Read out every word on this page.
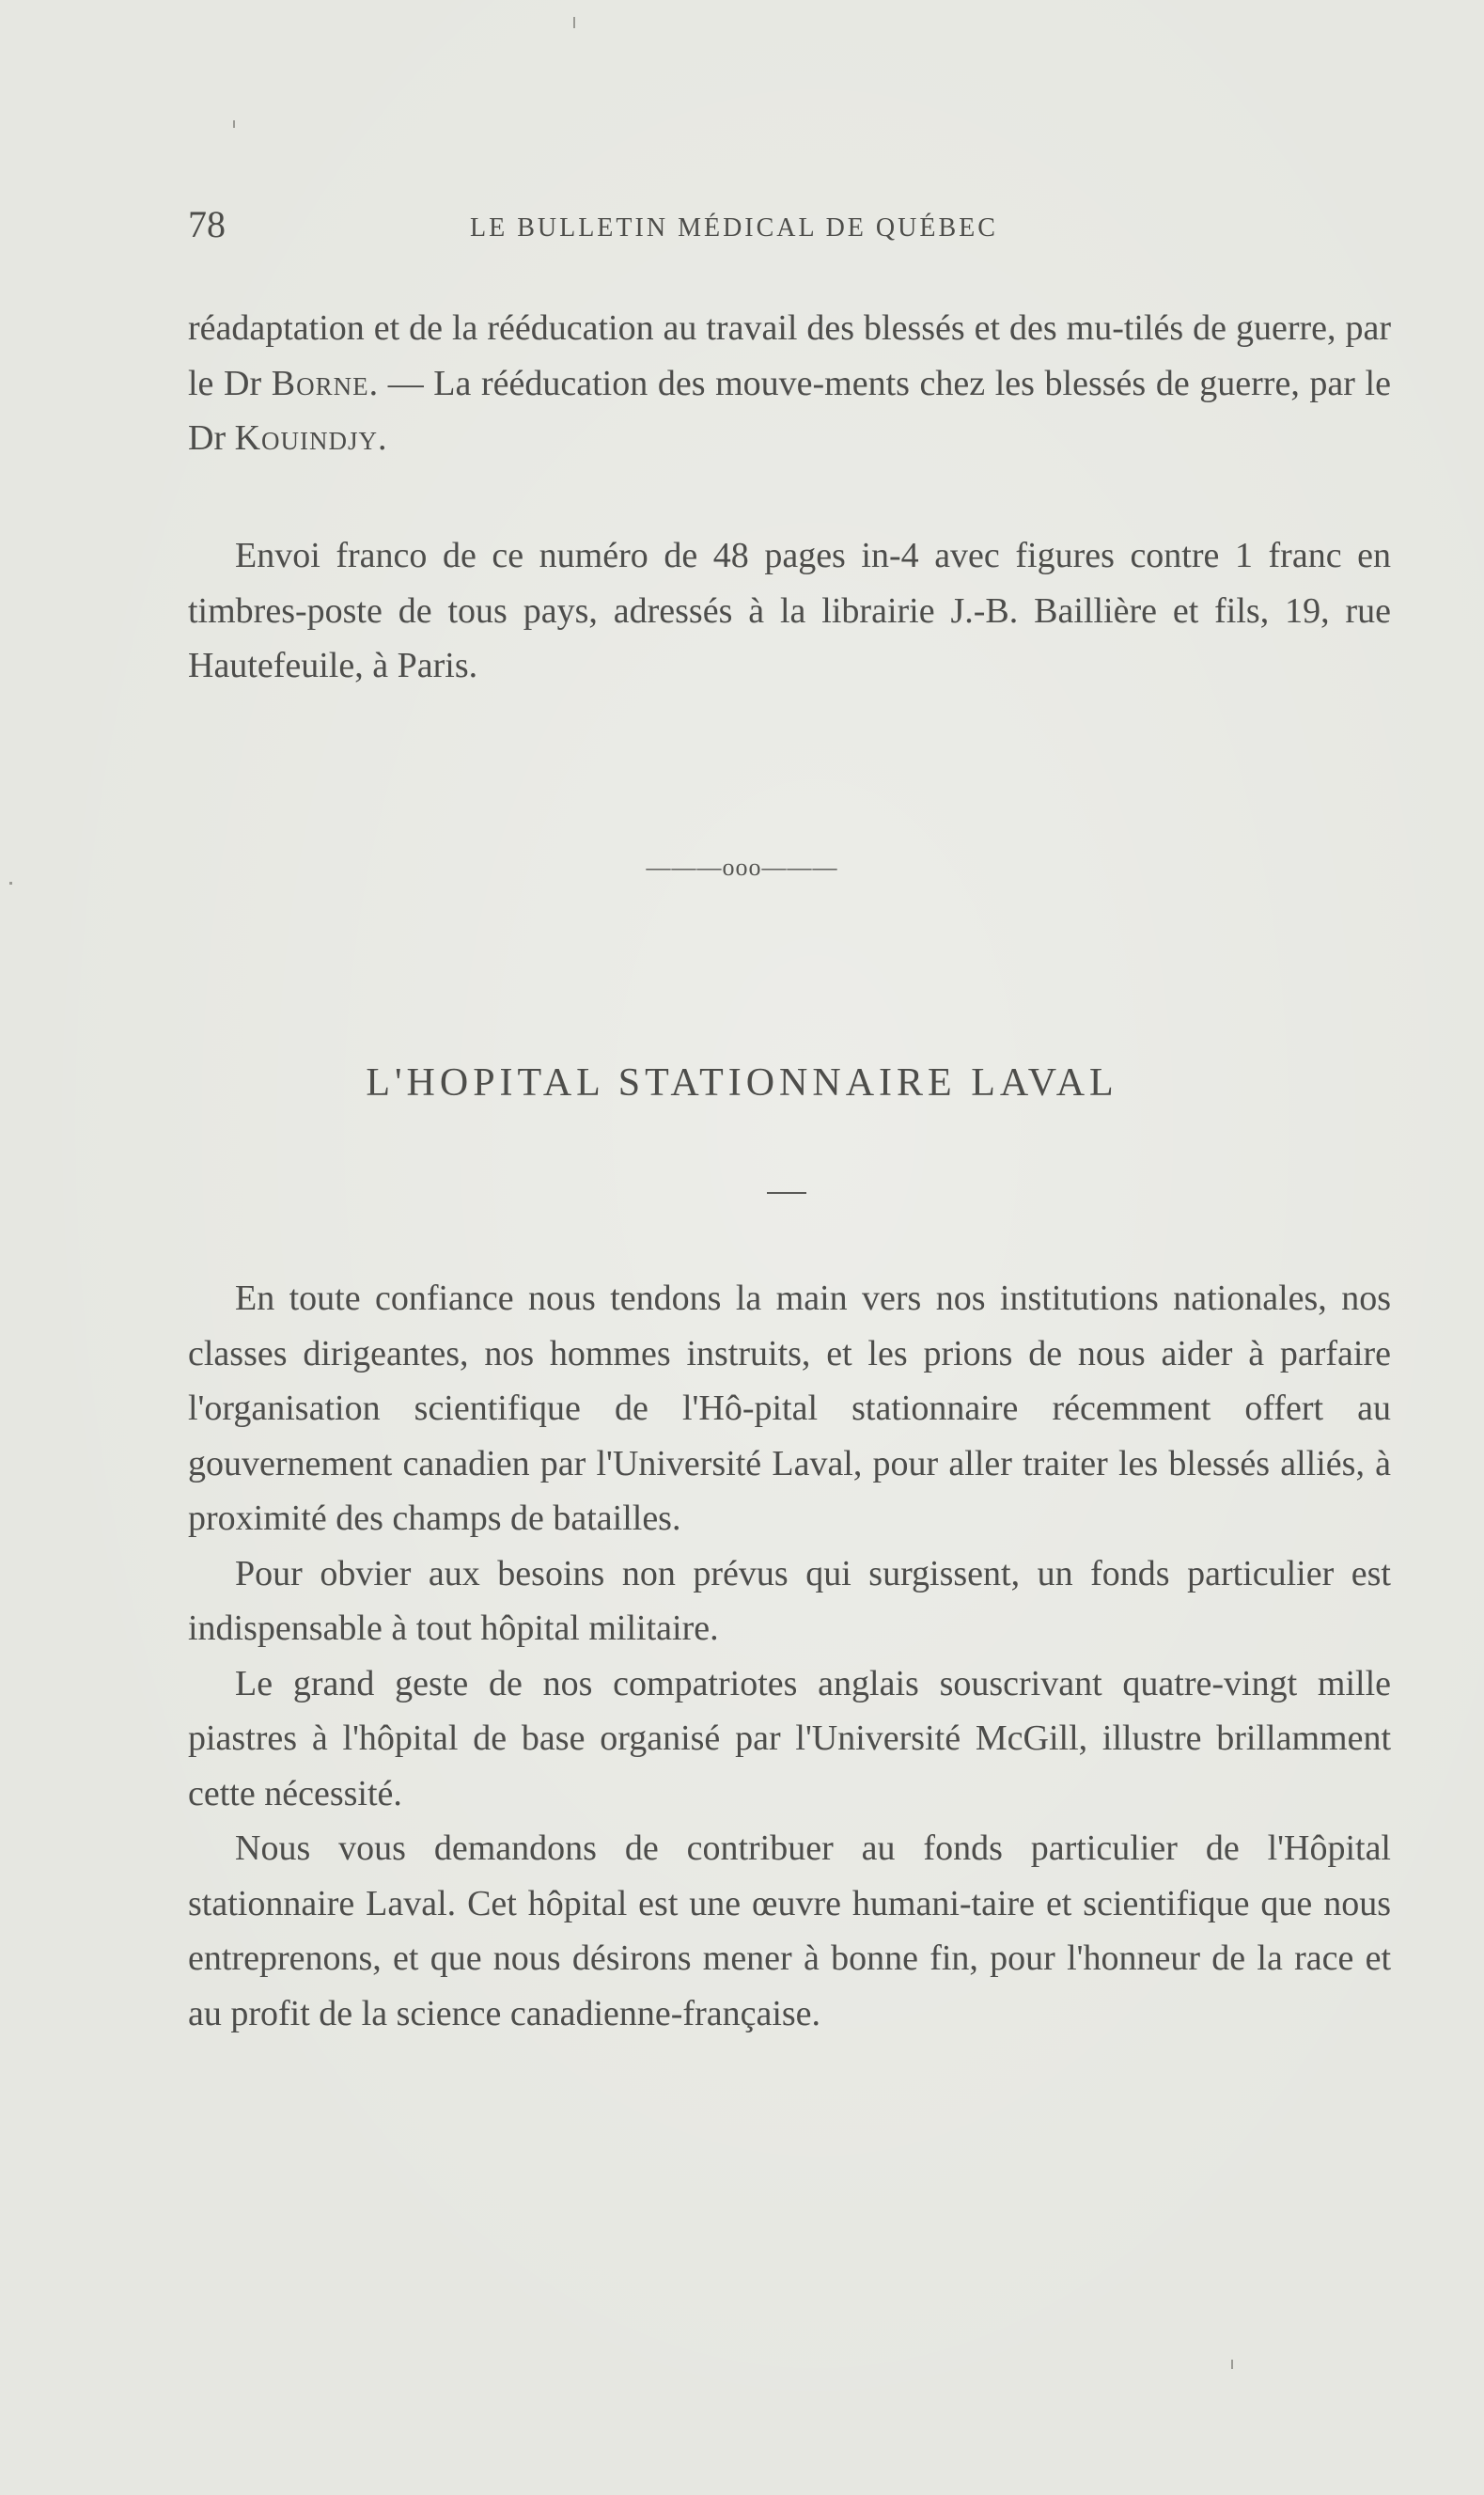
78	LE BULLETIN MÉDICAL DE QUÉBEC

réadaptation et de la rééducation au travail des blessés et des mu-tilés de guerre, par le Dr Borne. — La rééducation des mouve-ments chez les blessés de guerre, par le Dr Kouindjy.

Envoi franco de ce numéro de 48 pages in-4 avec figures contre 1 franc en timbres-poste de tous pays, adressés à la librairie J.-B. Baillière et fils, 19, rue Hautefeuile, à Paris.

———ooo———
L'HOPITAL STATIONNAIRE LAVAL

En toute confiance nous tendons la main vers nos institutions nationales, nos classes dirigeantes, nos hommes instruits, et les prions de nous aider à parfaire l'organisation scientifique de l'Hô-pital stationnaire récemment offert au gouvernement canadien par l'Université Laval, pour aller traiter les blessés alliés, à proximité des champs de batailles.

Pour obvier aux besoins non prévus qui surgissent, un fonds particulier est indispensable à tout hôpital militaire.

Le grand geste de nos compatriotes anglais souscrivant quatre-vingt mille piastres à l'hôpital de base organisé par l'Université McGill, illustre brillamment cette nécessité.

Nous vous demandons de contribuer au fonds particulier de l'Hôpital stationnaire Laval. Cet hôpital est une œuvre humani-taire et scientifique que nous entreprenons, et que nous désirons mener à bonne fin, pour l'honneur de la race et au profit de la science canadienne-française.
